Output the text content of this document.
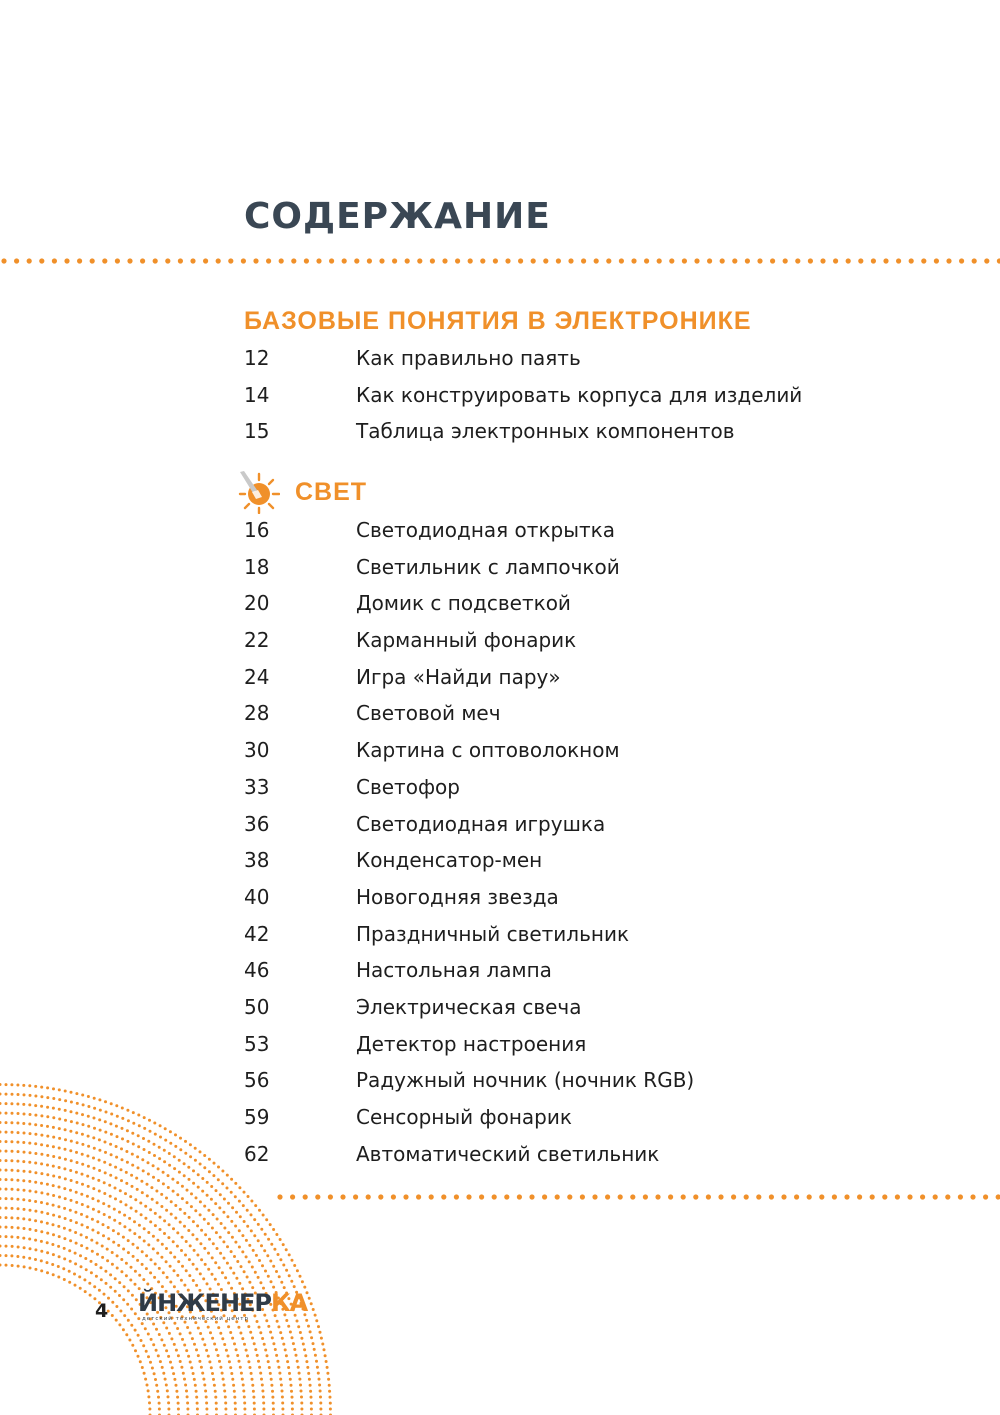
СОДЕРЖАНИЕ
БАЗОВЫЕ ПОНЯТИЯ В ЭЛЕКТРОНИКЕ
12	Как правильно паять
14	Как конструировать корпуса для изделий
15	Таблица электронных компонентов
СВЕТ
16	Светодиодная открытка
18	Светильник с лампочкой
20	Домик с подсветкой
22	Карманный фонарик
24	Игра «Найди пару»
28	Световой меч
30	Картина с оптоволокном
33	Светофор
36	Светодиодная игрушка
38	Конденсатор-мен
40	Новогодняя звезда
42	Праздничный светильник
46	Настольная лампа
50	Электрическая свеча
53	Детектор настроения
56	Радужный ночник (ночник RGB)
59	Сенсорный фонарик
62	Автоматический светильник
4 ЙНЖЕНЕРКА
детский технический центр
